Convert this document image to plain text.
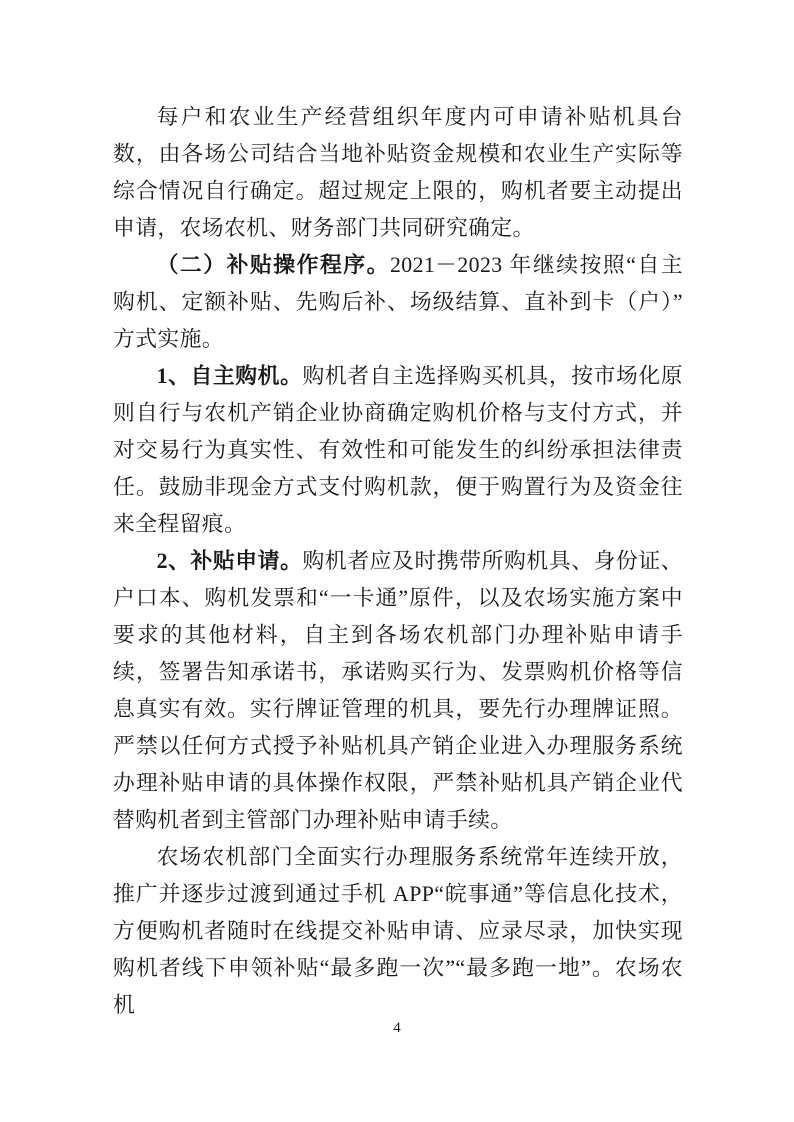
每户和农业生产经营组织年度内可申请补贴机具台数，由各场公司结合当地补贴资金规模和农业生产实际等综合情况自行确定。超过规定上限的，购机者要主动提出申请，农场农机、财务部门共同研究确定。

（二）补贴操作程序。2021－2023 年继续按照“自主购机、定额补贴、先购后补、场级结算、直补到卡（户）”方式实施。

1、自主购机。购机者自主选择购买机具，按市场化原则自行与农机产销企业协商确定购机价格与支付方式，并对交易行为真实性、有效性和可能发生的纠纷承担法律责任。鼓励非现金方式支付购机款，便于购置行为及资金往来全程留痕。

2、补贴申请。购机者应及时携带所购机具、身份证、户口本、购机发票和“一卡通”原件，以及农场实施方案中要求的其他材料，自主到各场农机部门办理补贴申请手续，签署告知承诺书，承诺购买行为、发票购机价格等信息真实有效。实行牌证管理的机具，要先行办理牌证照。严禁以任何方式授予补贴机具产销企业进入办理服务系统办理补贴申请的具体操作权限，严禁补贴机具产销企业代替购机者到主管部门办理补贴申请手续。

农场农机部门全面实行办理服务系统常年连续开放，推广并逐步过渡到通过手机 APP“皖事通”等信息化技术，方便购机者随时在线提交补贴申请、应录尽录，加快实现购机者线下申领补贴“最多跑一次”“最多跑一地”。农场农机

4
